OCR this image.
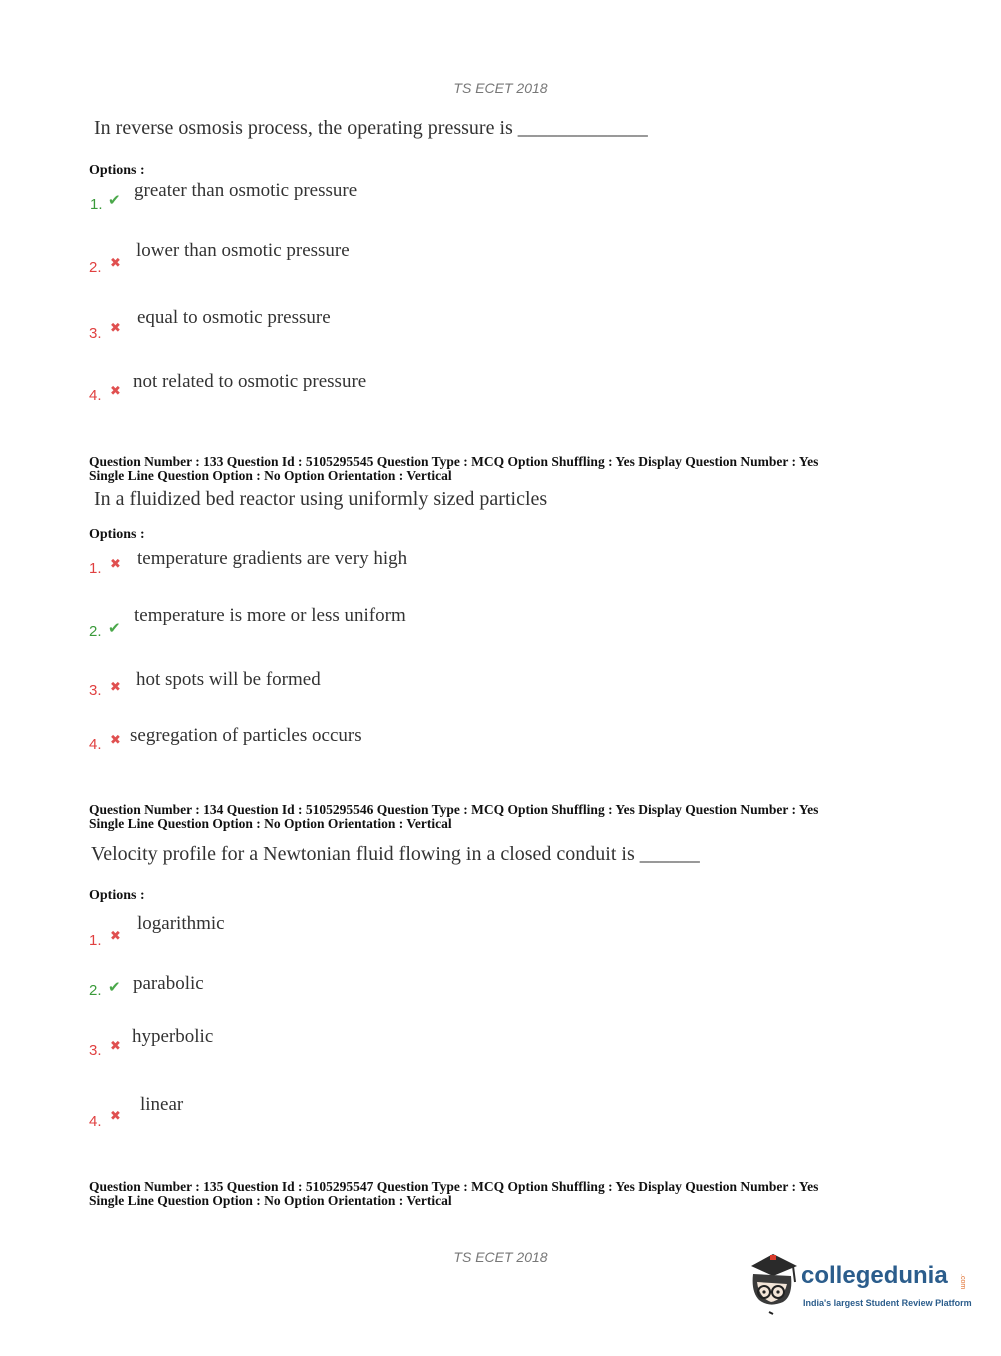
TS ECET 2018
In reverse osmosis process, the operating pressure is _____________
Options :
1. ✔ greater than osmotic pressure
2. ✖
lower than osmotic pressure
3. ✖
equal to osmotic pressure
4. ✖ not related to osmotic pressure
Question Number : 133 Question Id : 5105295545 Question Type : MCQ Option Shuffling : Yes Display Question Number : Yes
Single Line Question Option : No Option Orientation : Vertical
In a fluidized bed reactor using uniformly sized particles
Options :
1. ✖ temperature gradients are very high
2. ✔
temperature is more or less uniform
3. ✖ hot spots will be formed
4. ✖ segregation of particles occurs
Question Number : 134 Question Id : 5105295546 Question Type : MCQ Option Shuffling : Yes Display Question Number : Yes
Single Line Question Option : No Option Orientation : Vertical
Velocity profile for a Newtonian fluid flowing in a closed conduit is ______
Options :
1. ✖
logarithmic
2. ✔ parabolic
3. ✖ hyperbolic
4. ✖
linear
Question Number : 135 Question Id : 5105295547 Question Type : MCQ Option Shuffling : Yes Display Question Number : Yes
Single Line Question Option : No Option Orientation : Vertical
TS ECET 2018
collegedunia .com
India's largest Student Review Platform
